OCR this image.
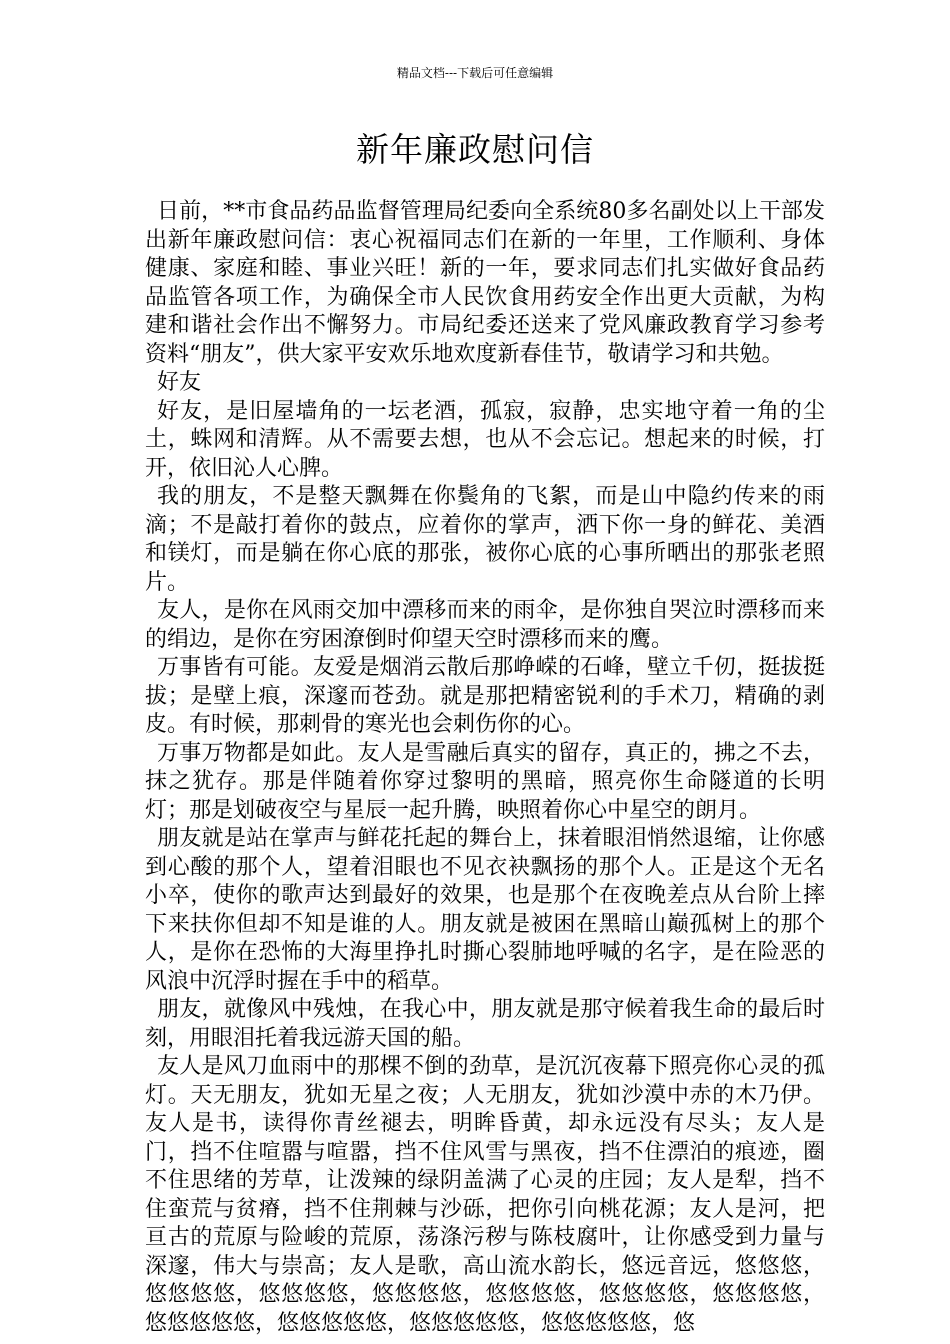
精品文档---下载后可任意编辑
新年廉政慰问信

日前，**市食品药品监督管理局纪委向全系统80多名副处以上干部发出新年廉政慰问信：衷心祝福同志们在新的一年里，工作顺利、身体健康、家庭和睦、事业兴旺！新的一年，要求同志们扎实做好食品药品监管各项工作，为确保全市人民饮食用药安全作出更大贡献，为构建和谐社会作出不懈努力。市局纪委还送来了党风廉政教育学习参考资料“朋友”，供大家平安欢乐地欢度新春佳节，敬请学习和共勉。

好友

好友，是旧屋墙角的一坛老酒，孤寂，寂静，忠实地守着一角的尘土，蛛网和清辉。从不需要去想，也从不会忘记。想起来的时候，打开，依旧沁人心脾。

我的朋友，不是整天飘舞在你鬓角的飞絮，而是山中隐约传来的雨滴；不是敲打着你的鼓点，应着你的掌声，洒下你一身的鲜花、美酒和镁灯，而是躺在你心底的那张，被你心底的心事所晒出的那张老照片。

友人，是你在风雨交加中漂移而来的雨伞，是你独自哭泣时漂移而来的绢边，是你在穷困潦倒时仰望天空时漂移而来的鹰。

万事皆有可能。友爱是烟消云散后那峥嵘的石峰，壁立千仞，挺拔挺拔；是壁上痕，深邃而苍劲。就是那把精密锐利的手术刀，精确的剥皮。有时候，那刺骨的寒光也会刺伤你的心。

万事万物都是如此。友人是雪融后真实的留存，真正的，拂之不去，抹之犹存。那是伴随着你穿过黎明的黑暗，照亮你生命隧道的长明灯；那是划破夜空与星辰一起升腾，映照着你心中星空的朗月。

朋友就是站在掌声与鲜花托起的舞台上，抹着眼泪悄然退缩，让你感到心酸的那个人，望着泪眼也不见衣袂飘扬的那个人。正是这个无名小卒，使你的歌声达到最好的效果，也是那个在夜晚差点从台阶上摔下来扶你但却不知是谁的人。朋友就是被困在黑暗山巅孤树上的那个人，是你在恐怖的大海里挣扎时撕心裂肺地呼喊的名字，是在险恶的风浪中沉浮时握在手中的稻草。

朋友，就像风中残烛，在我心中，朋友就是那守候着我生命的最后时刻，用眼泪托着我远游天国的船。

友人是风刀血雨中的那棵不倒的劲草，是沉沉夜幕下照亮你心灵的孤灯。天无朋友，犹如无星之夜；人无朋友，犹如沙漠中赤的木乃伊。友人是书，读得你青丝褪去，明眸昏黄，却永远没有尽头；友人是门，挡不住喧嚣与喧嚣，挡不住风雪与黑夜，挡不住漂泊的痕迹，圈不住思绪的芳草，让泼辣的绿阴盖满了心灵的庄园；友人是犁，挡不住蛮荒与贫瘠，挡不住荆棘与沙砾，把你引向桃花源；友人是河，把亘古的荒原与险峻的荒原，荡涤污秽与陈枝腐叶，让你感受到力量与深邃，伟大与崇高；友人是歌，高山流水韵长，悠远音远，悠悠悠，悠悠悠悠，悠悠悠悠，悠悠悠悠，悠悠悠悠，悠悠悠悠，悠悠悠悠，悠悠悠悠悠，悠悠悠悠悠，悠悠悠悠悠，悠悠悠悠悠，悠
